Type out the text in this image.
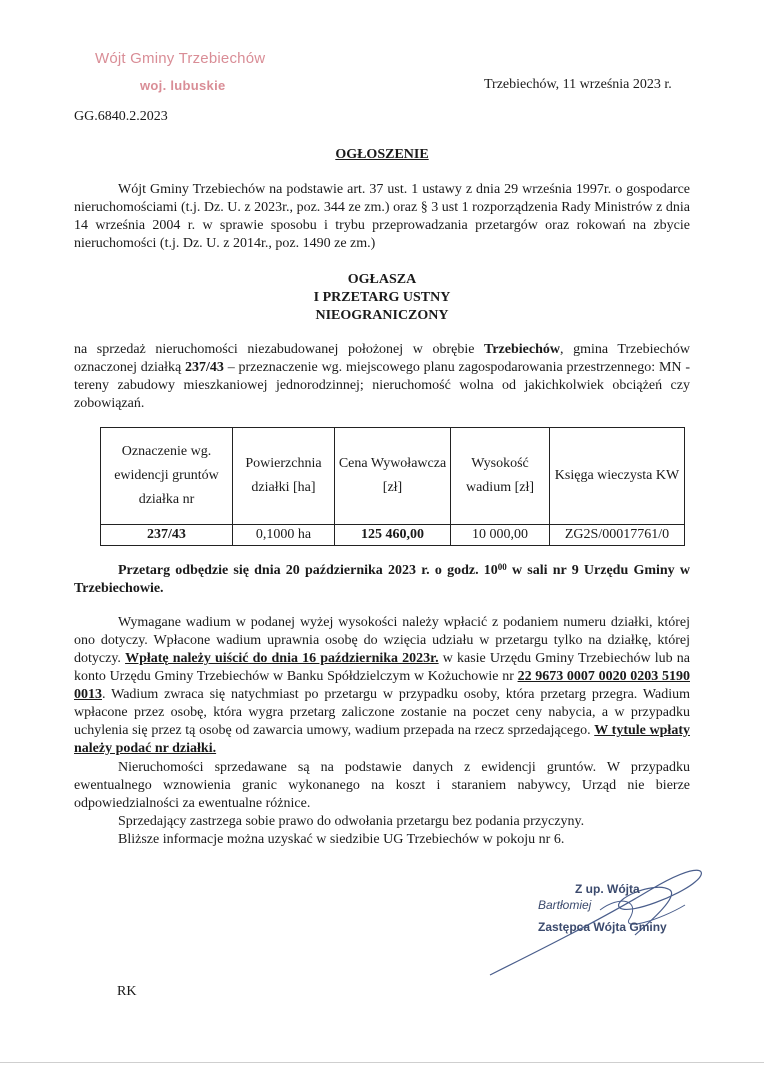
Wójt Gminy Trzebiechów
woj. lubuskie	Trzebiechów, 11 września 2023 r.
GG.6840.2.2023
OGŁOSZENIE
Wójt Gminy Trzebiechów na podstawie art. 37 ust. 1 ustawy z dnia 29 września 1997r. o gospodarce nieruchomościami (t.j. Dz. U. z 2023r., poz. 344 ze zm.) oraz § 3 ust 1 rozporządzenia Rady Ministrów z dnia 14 września 2004 r. w sprawie sposobu i trybu przeprowadzania przetargów oraz rokowań na zbycie nieruchomości (t.j. Dz. U. z 2014r., poz. 1490 ze zm.)
OGŁASZA
I PRZETARG USTNY
NIEOGRANICZONY
na sprzedaż nieruchomości niezabudowanej położonej w obrębie Trzebiechów, gmina Trzebiechów oznaczonej działką 237/43 – przeznaczenie wg. miejscowego planu zagospodarowania przestrzennego: MN - tereny zabudowy mieszkaniowej jednorodzinnej; nieruchomość wolna od jakichkolwiek obciążeń czy zobowiązań.
Oznaczenie wg. ewidencji gruntów działka nr	Powierzchnia działki [ha]	Cena Wywoławcza [zł]	Wysokość wadium [zł]	Księga wieczysta KW
237/43	0,1000 ha	125 460,00	10 000,00	ZG2S/00017761/0
Przetarg odbędzie się dnia 20 października 2023 r. o godz. $10^{00}$ w sali nr 9 Urzędu Gminy w Trzebiechowie.
Wymagane wadium w podanej wyżej wysokości należy wpłacić z podaniem numeru działki, której ono dotyczy. Wpłacone wadium uprawnia osobę do wzięcia udziału w przetargu tylko na działkę, której dotyczy. Wpłatę należy uiścić do dnia 16 października 2023r. w kasie Urzędu Gminy Trzebiechów lub na konto Urzędu Gminy Trzebiechów w Banku Spółdzielczym w Kożuchowie nr 22 9673 0007 0020 0203 5190 0013. Wadium zwraca się natychmiast po przetargu w przypadku osoby, która przetarg przegra. Wadium wpłacone przez osobę, która wygra przetarg zaliczone zostanie na poczet ceny nabycia, a w przypadku uchylenia się przez tą osobę od zawarcia umowy, wadium przepada na rzecz sprzedającego. W tytule wpłaty należy podać nr działki.
Nieruchomości sprzedawane są na podstawie danych z ewidencji gruntów. W przypadku ewentualnego wznowienia granic wykonanego na koszt i staraniem nabywcy, Urząd nie bierze odpowiedzialności za ewentualne różnice.
Sprzedający zastrzega sobie prawo do odwołania przetargu bez podania przyczyny.
Bliższe informacje można uzyskać w siedzibie UG Trzebiechów w pokoju nr 6.
Z up. Wójta
Bartłomiej
Zastępca Wójta Gminy
RK
